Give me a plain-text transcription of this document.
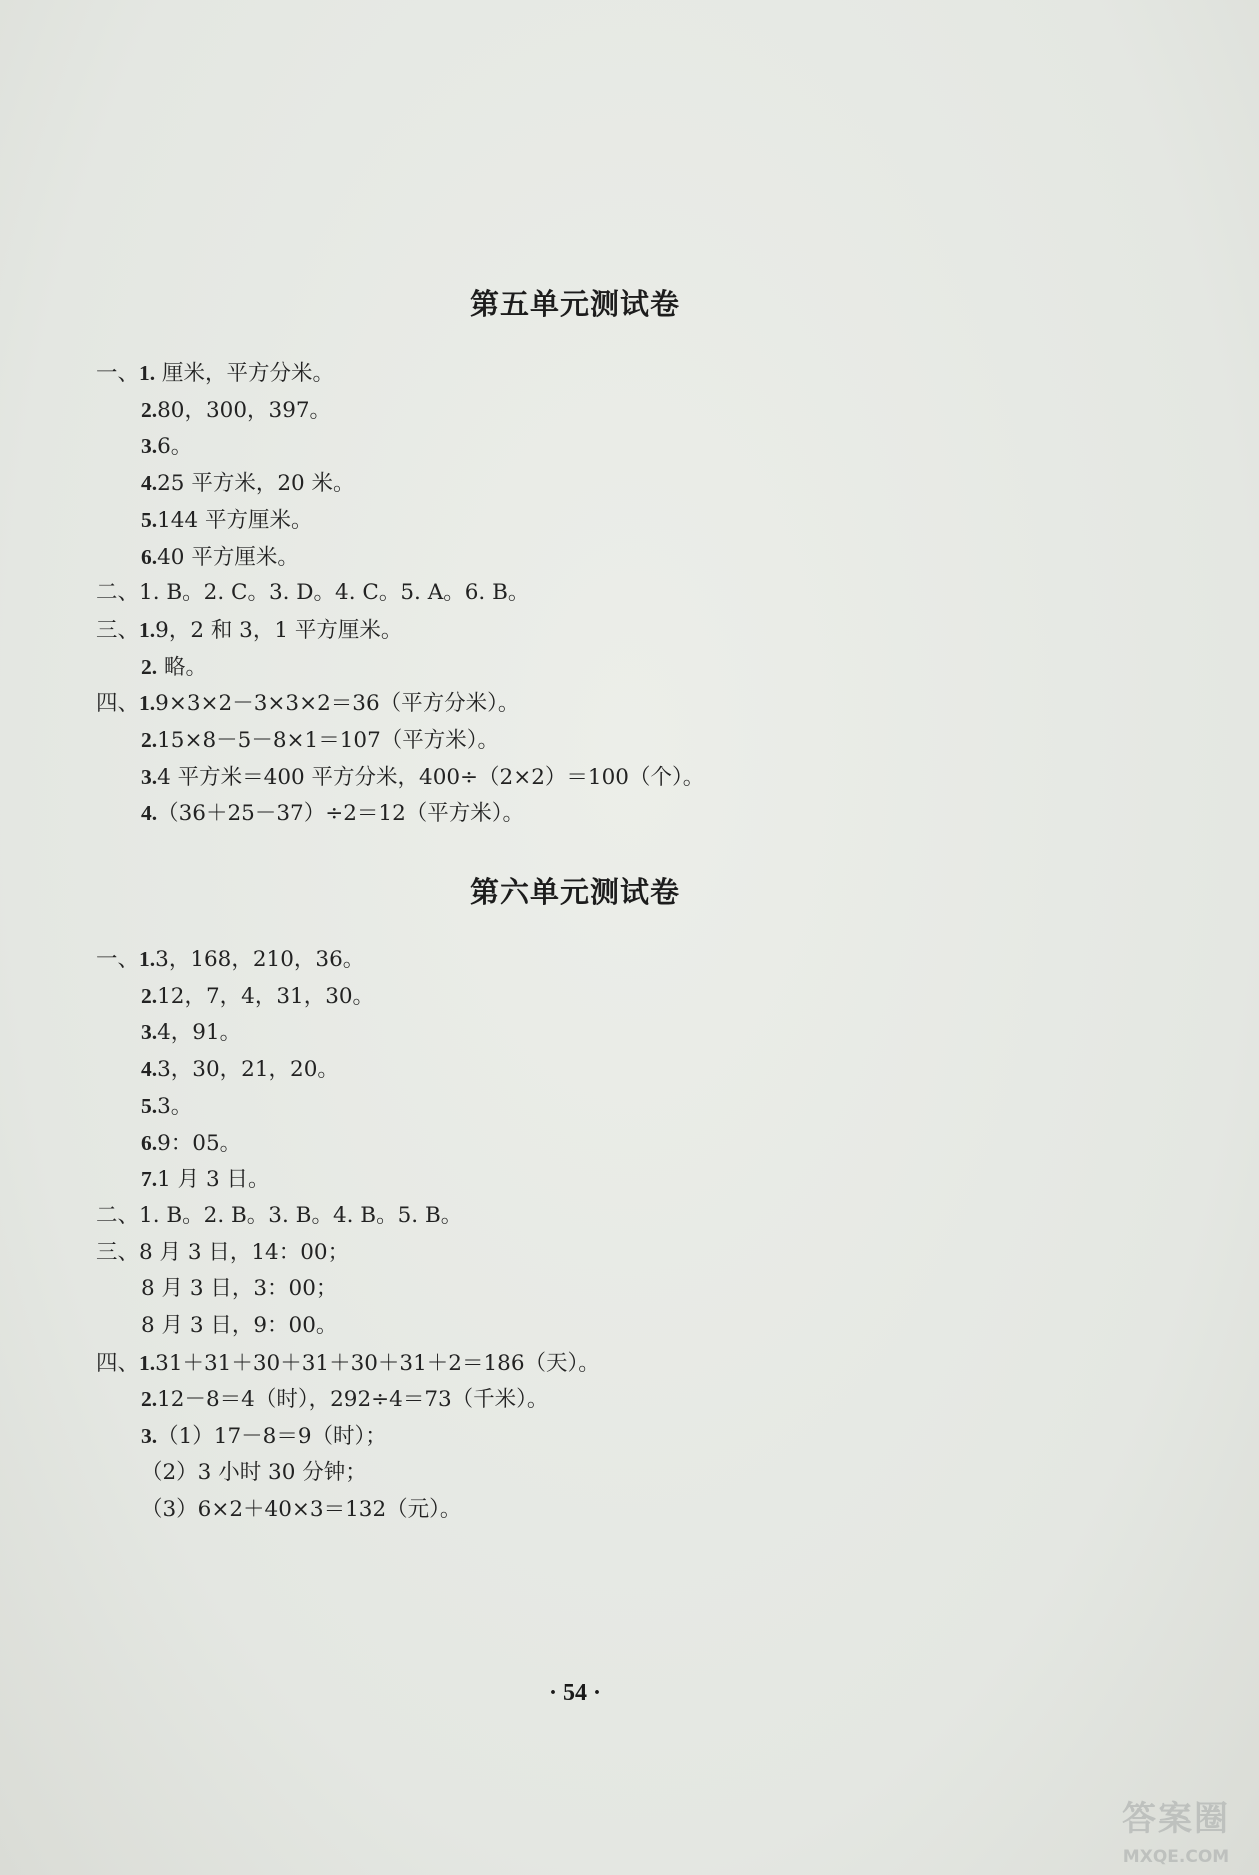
第五单元测试卷
一、1. 厘米，平方分米。
2.80，300，397。
3.6。
4.25 平方米，20 米。
5.144 平方厘米。
6.40 平方厘米。
二、1. B。2. C。3. D。4. C。5. A。6. B。
三、1.9，2 和 3，1 平方厘米。
2. 略。
四、1.9×3×2－3×3×2＝36（平方分米）。
2.15×8－5－8×1＝107（平方米）。
3.4 平方米＝400 平方分米，400÷（2×2）＝100（个）。
4.（36＋25－37）÷2＝12（平方米）。
第六单元测试卷
一、1.3，168，210，36。
2.12，7，4，31，30。
3.4，91。
4.3，30，21，20。
5.3。
6.9：05。
7.1 月 3 日。
二、1. B。2. B。3. B。4. B。5. B。
三、8 月 3 日，14：00；
8 月 3 日，3：00；
8 月 3 日，9：00。
四、1.31＋31＋30＋31＋30＋31＋2＝186（天）。
2.12－8＝4（时），292÷4＝73（千米）。
3.（1）17－8＝9（时）；
（2）3 小时 30 分钟；
（3）6×2＋40×3＝132（元）。
· 54 ·
答案圈
MXQE.COM
